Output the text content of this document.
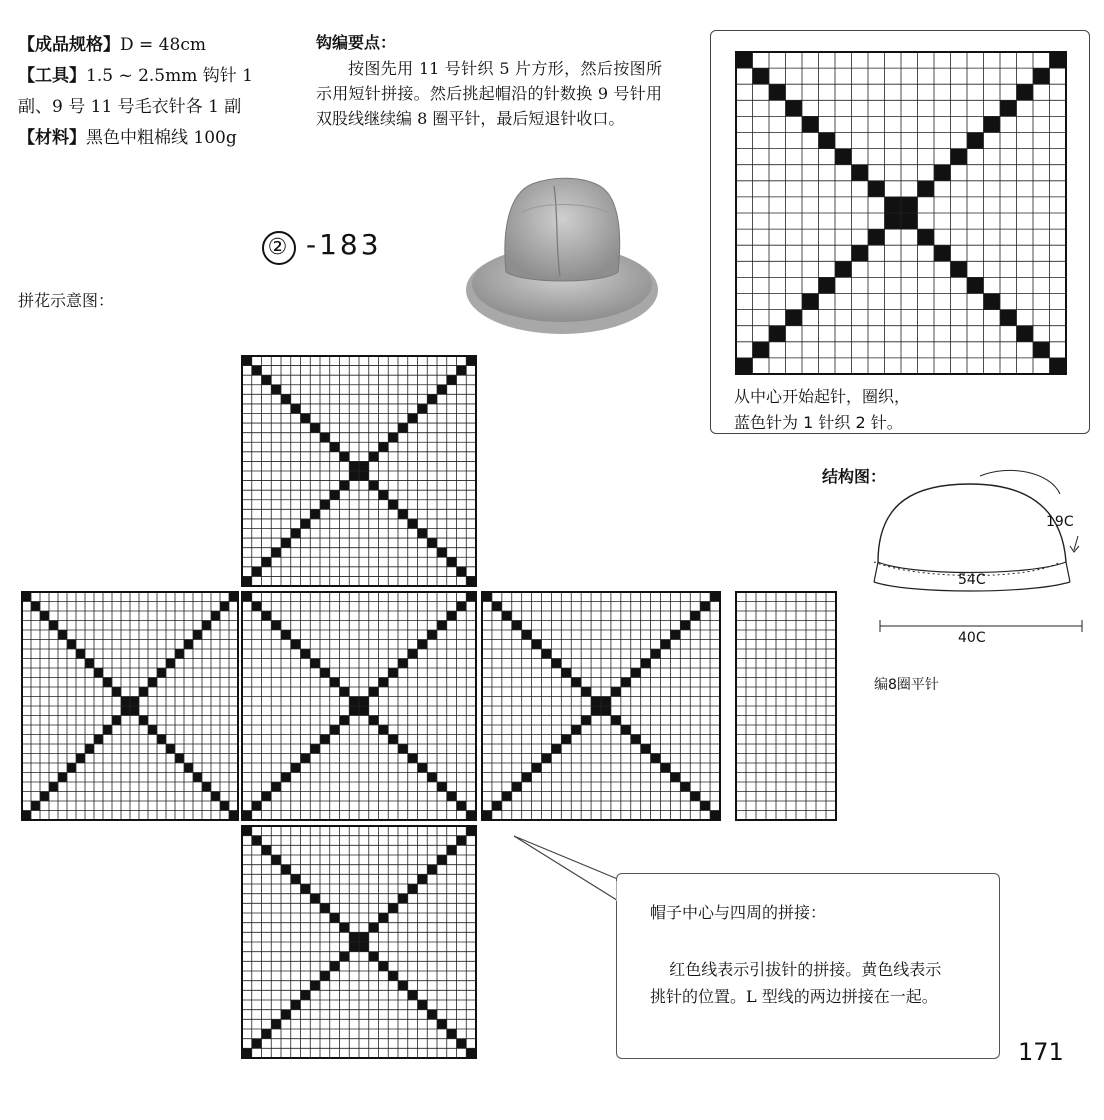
【成品规格】D = 48cm
【工具】1.5 ~ 2.5mm 钩针 1
副、9 号 11 号毛衣针各 1 副
【材料】黑色中粗棉线 100g
钩编要点：
按图先用 11 号针织 5 片方形，然后按图所示用短针拼接。然后挑起帽沿的针数换 9 号针用双股线继续编 8 圈平针，最后短退针收口。
② -183
拼花示意图：
从中心开始起针，圈织，
蓝色针为 1 针织 2 针。
结构图：
19C
54C
40C
编8圈平针
帽子中心与四周的拼接：
红色线表示引拔针的拼接。黄色线表示挑针的位置。L 型线的两边拼接在一起。
171
